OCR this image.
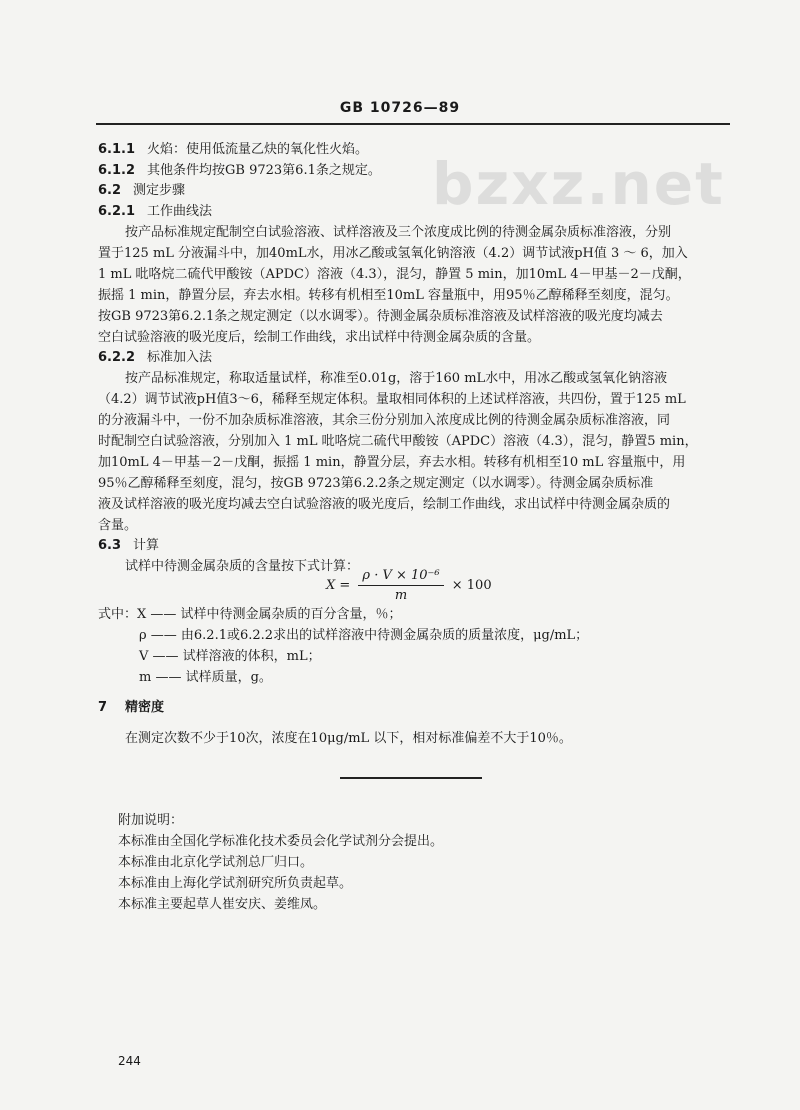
GB 10726—89
bzxz.net
6.1.1 火焰：使用低流量乙炔的氧化性火焰。
6.1.2 其他条件均按GB 9723第6.1条之规定。
6.2 测定步骤
6.2.1 工作曲线法
按产品标准规定配制空白试验溶液、试样溶液及三个浓度成比例的待测金属杂质标准溶液，分别
置于125 mL 分液漏斗中，加40mL水，用冰乙酸或氢氧化钠溶液（4.2）调节试液pH值 3 ～ 6，加入
1 mL 吡咯烷二硫代甲酸铵（APDC）溶液（4.3），混匀，静置 5 min，加10mL 4－甲基－2－戊酮，
振摇 1 min，静置分层，弃去水相。转移有机相至10mL 容量瓶中，用95％乙醇稀释至刻度，混匀。
按GB 9723第6.2.1条之规定测定（以水调零）。待测金属杂质标准溶液及试样溶液的吸光度均减去
空白试验溶液的吸光度后，绘制工作曲线，求出试样中待测金属杂质的含量。
6.2.2 标准加入法
按产品标准规定，称取适量试样，称准至0.01g，溶于160 mL水中，用冰乙酸或氢氧化钠溶液
（4.2）调节试液pH值3～6，稀释至规定体积。量取相同体积的上述试样溶液，共四份，置于125 mL
的分液漏斗中，一份不加杂质标准溶液，其余三份分别加入浓度成比例的待测金属杂质标准溶液，同
时配制空白试验溶液，分别加入 1 mL 吡咯烷二硫代甲酸铵（APDC）溶液（4.3），混匀，静置5 min，
加10mL 4－甲基－2－戊酮，振摇 1 min，静置分层，弃去水相。转移有机相至10 mL 容量瓶中，用
95％乙醇稀释至刻度，混匀，按GB 9723第6.2.2条之规定测定（以水调零）。待测金属杂质标准
液及试样溶液的吸光度均减去空白试验溶液的吸光度后，绘制工作曲线，求出试样中待测金属杂质的
含量。
6.3 计算
试样中待测金属杂质的含量按下式计算：
$X = \frac{\text{ρ · V × 10⁻⁶}}{m} \times 100$
式中：X —— 试样中待测金属杂质的百分含量，％；
ρ —— 由6.2.1或6.2.2求出的试样溶液中待测金属杂质的质量浓度，μg/mL；
V —— 试样溶液的体积，mL；
m —— 试样质量，g。
7 精密度
在测定次数不少于10次，浓度在10μg/mL 以下，相对标准偏差不大于10％。
附加说明：
本标准由全国化学标准化技术委员会化学试剂分会提出。
本标准由北京化学试剂总厂归口。
本标准由上海化学试剂研究所负责起草。
本标准主要起草人崔安庆、姜维凤。
244
